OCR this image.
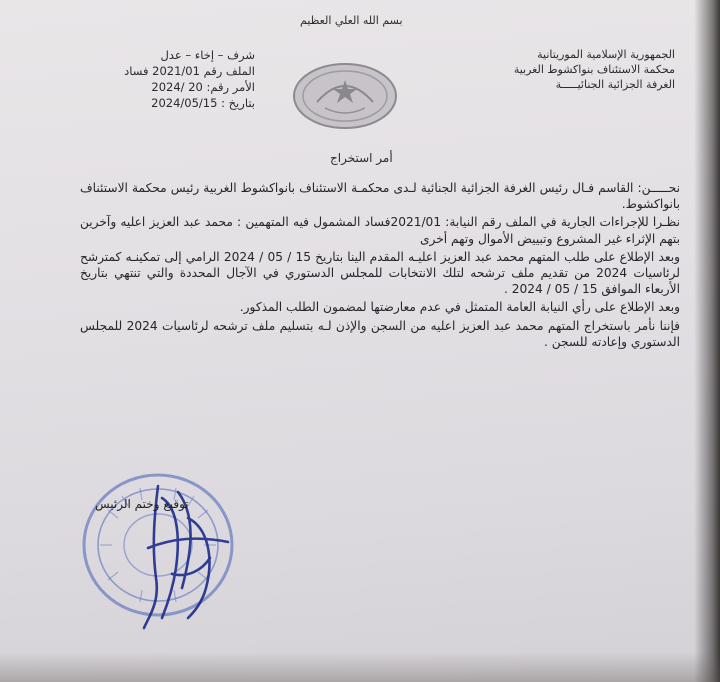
بسم الله العلي العظيم
الجمهورية الإسلامية الموريتانية
محكمة الاستئناف بنواكشوط الغربية
الغرفة الجزائية الجنائيـــــة
شرف – إخاء – عدل
الملف رقم 2021/01 فساد
الأمر رقم: 20 /2024
بتاريخ : 2024/05/15
أمر استخراج

نحـــــن: القاسم فـال رئيس الغرفة الجزائية الجنائية لـدى محكمـة الاستئناف بانواكشوط الغربية رئيس محكمة الاستئناف بانواكشوط.

نظـرا للإجراءات الجارية في الملف رقم النيابة: 2021/01فساد المشمول فيه المتهمين : محمد عبد العزيز اعليه وآخرين بتهم الإثراء غير المشروع وتبييض الأموال وتهم أخرى

وبعد الإطلاع على طلب المتهم محمد عبد العزيز اعليـه المقدم الينا بتاريخ 15 / 05 / 2024 الرامي إلى تمكينـه كمترشح لرئاسيات 2024 من تقديم ملف ترشحه لتلك الانتخابات للمجلس الدستوري في الآجال المحددة والتي تنتهي بتاريخ الأربعاء الموافق 15 / 05 / 2024 .

وبعد الإطلاع على رأي النيابة العامة المتمثل في عدم معارضتها لمضمون الطلب المذكور.

فإننا نأمر باستخراج المتهم محمد عبد العزيز اعليه من السجن والإذن لـه بتسليم ملف ترشحه لرئاسيات 2024 للمجلس الدستوري وإعادته للسجن .

توقيع وختم الرئيس
